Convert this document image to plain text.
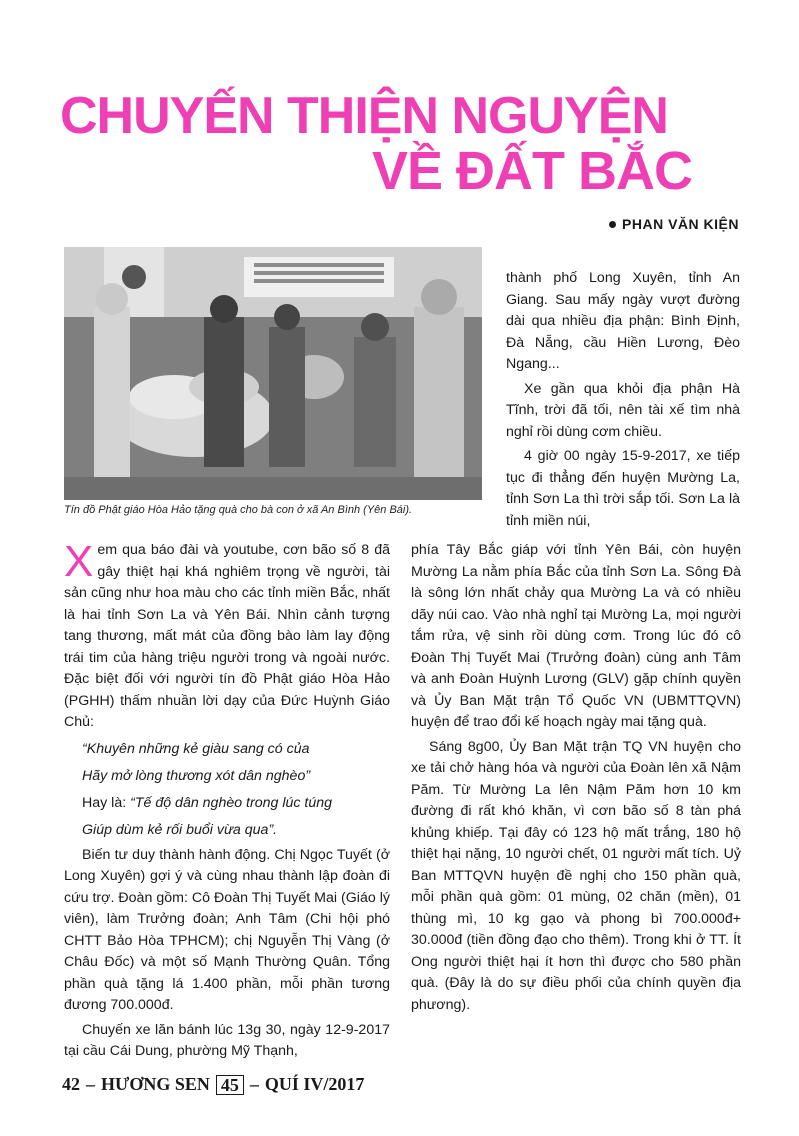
CHUYẾN THIỆN NGUYỆN
VỀ ĐẤT BẮC
PHAN VĂN KIỆN
Tín đồ Phật giáo Hòa Hảo tặng quà cho bà con ở xã An Bình (Yên Bái).

thành phố Long Xuyên, tỉnh An Giang. Sau mấy ngày vượt đường dài qua nhiều địa phận: Bình Định, Đà Nẵng, cầu Hiền Lương, Đèo Ngang...

Xe gần qua khỏi địa phận Hà Tĩnh, trời đã tối, nên tài xế tìm nhà nghỉ rồi dùng cơm chiều.

4 giờ 00 ngày 15-9-2017, xe tiếp tục đi thẳng đến huyện Mường La, tỉnh Sơn La thì trời sắp tối. Sơn La là tỉnh miền núi,

Xem qua báo đài và youtube, cơn bão số 8 đã gây thiệt hại khá nghiêm trọng về người, tài sản cũng như hoa màu cho các tỉnh miền Bắc, nhất là hai tỉnh Sơn La và Yên Bái. Nhìn cảnh tượng tang thương, mất mát của đồng bào làm lay động trái tim của hàng triệu người trong và ngoài nước. Đặc biệt đối với người tín đồ Phật giáo Hòa Hảo (PGHH) thấm nhuần lời dạy của Đức Huỳnh Giáo Chủ:

“Khuyên những kẻ giàu sang có của

Hãy mở lòng thương xót dân nghèo”

Hay là: “Tế độ dân nghèo trong lúc túng

Giúp dùm kẻ rối buổi vừa qua”.

Biến tư duy thành hành động. Chị Ngọc Tuyết (ở Long Xuyên) gợi ý và cùng nhau thành lập đoàn đi cứu trợ. Đoàn gồm: Cô Đoàn Thị Tuyết Mai (Giáo lý viên), làm Trưởng đoàn; Anh Tâm (Chi hội phó CHTT Bảo Hòa TPHCM); chị Nguyễn Thị Vàng (ở Châu Đốc) và một số Mạnh Thường Quân. Tổng phần quà tặng lá 1.400 phần, mỗi phần tương đương 700.000đ.

Chuyến xe lăn bánh lúc 13g 30, ngày 12-9-2017 tại cầu Cái Dung, phường Mỹ Thạnh,

phía Tây Bắc giáp với tỉnh Yên Bái, còn huyện Mường La nằm phía Bắc của tỉnh Sơn La. Sông Đà là sông lớn nhất chảy qua Mường La và có nhiều dãy núi cao. Vào nhà nghỉ tại Mường La, mọi người tắm rửa, vệ sinh rồi dùng cơm. Trong lúc đó cô Đoàn Thị Tuyết Mai (Trưởng đoàn) cùng anh Tâm và anh Đoàn Huỳnh Lương (GLV) gặp chính quyền và Ủy Ban Mặt trận Tổ Quốc VN (UBMTTQVN) huyện để trao đổi kế hoạch ngày mai tặng quà.

Sáng 8g00, Ủy Ban Mặt trận TQ VN huyện cho xe tải chở hàng hóa và người của Đoàn lên xã Nậm Păm. Từ Mường La lên Nậm Păm hơn 10 km đường đi rất khó khăn, vì cơn bão số 8 tàn phá khủng khiếp. Tại đây có 123 hộ mất trắng, 180 hộ thiệt hại nặng, 10 người chết, 01 người mất tích. Uỷ Ban MTTQVN huyện đề nghị cho 150 phần quà, mỗi phần quà gồm: 01 mùng, 02 chăn (mền), 01 thùng mì, 10 kg gạo và phong bì 700.000đ+ 30.000đ (tiền đồng đạo cho thêm). Trong khi ở TT. Ít Ong người thiệt hại ít hơn thì được cho 580 phần quà. (Đây là do sự điều phối của chính quyền địa phương).

42 – HƯƠNG SEN 45 – QUÍ IV/2017
